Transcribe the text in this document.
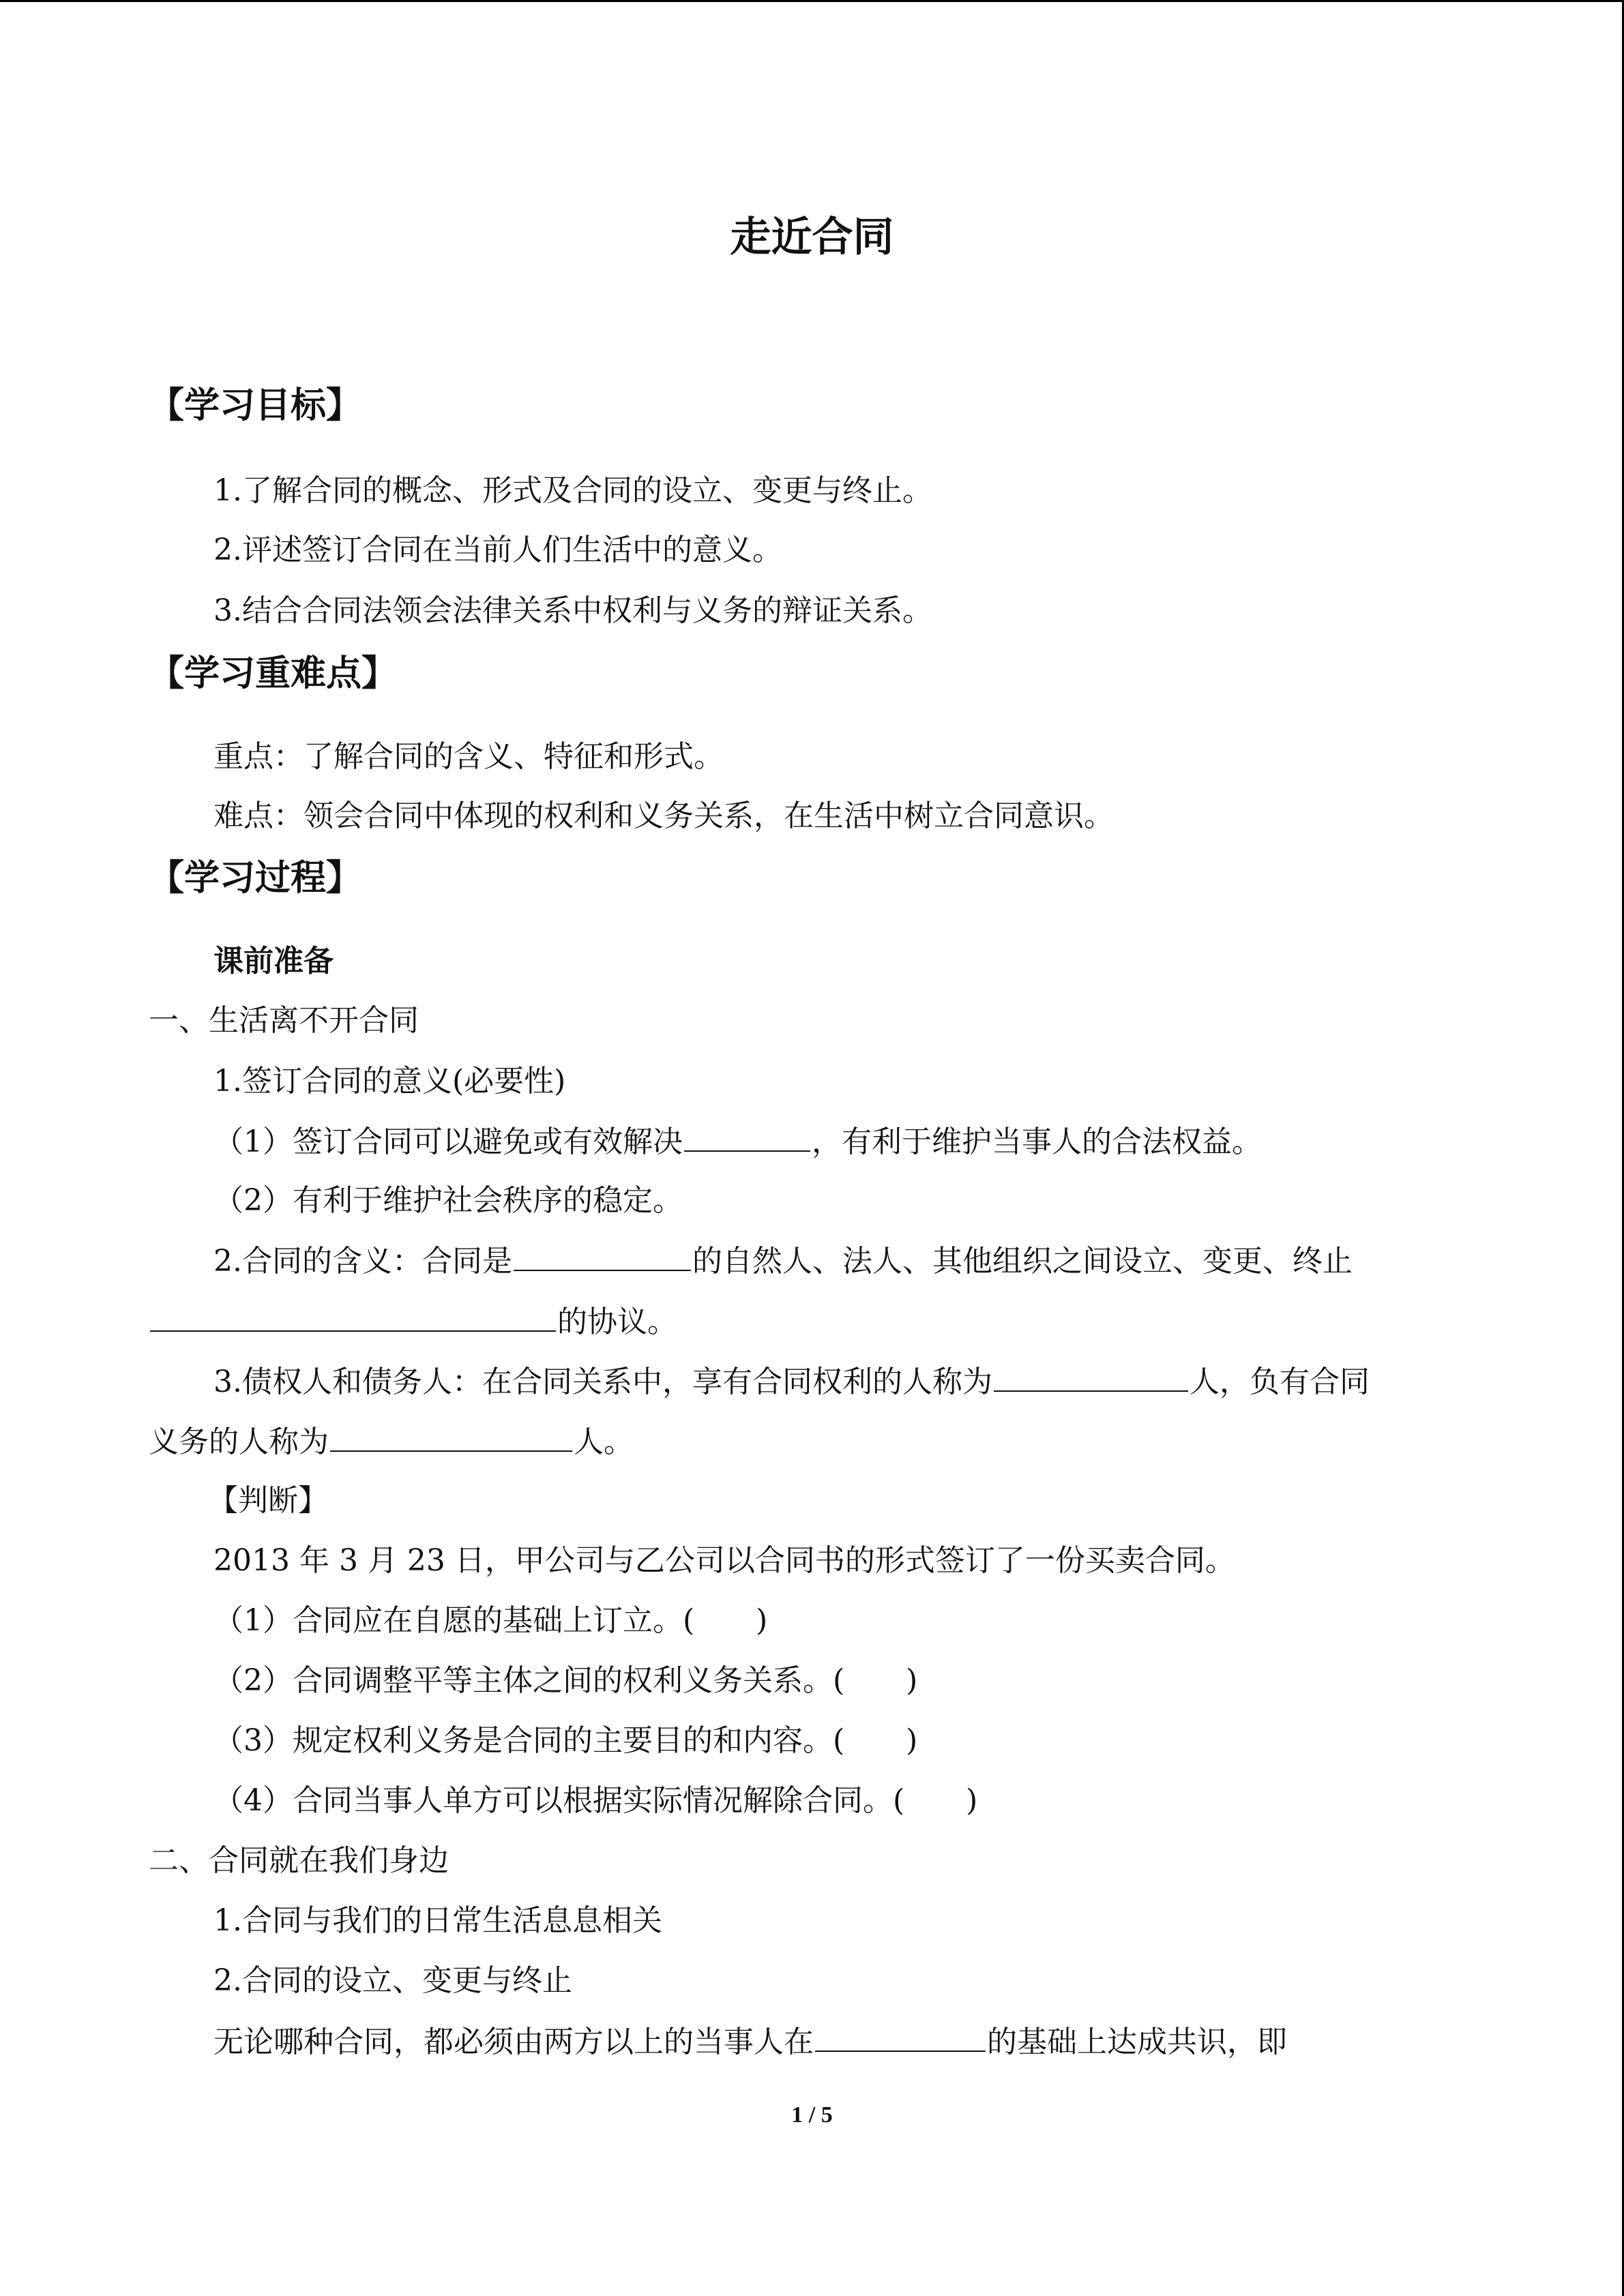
走近合同
【学习目标】
1.了解合同的概念、形式及合同的设立、变更与终止。
2.评述签订合同在当前人们生活中的意义。
3.结合合同法领会法律关系中权利与义务的辩证关系。
【学习重难点】
重点：了解合同的含义、特征和形式。
难点：领会合同中体现的权利和义务关系，在生活中树立合同意识。
【学习过程】
课前准备
一、生活离不开合同
1.签订合同的意义(必要性)
（1）签订合同可以避免或有效解决	，有利于维护当事人的合法权益。
（2）有利于维护社会秩序的稳定。
2.合同的含义：合同是	的自然人、法人、其他组织之间设立、变更、终止
的协议。
3.债权人和债务人：在合同关系中，享有合同权利的人称为	人，负有合同
义务的人称为	人。
【判断】
2013 年 3 月 23 日，甲公司与乙公司以合同书的形式签订了一份买卖合同。
（1）合同应在自愿的基础上订立。( )
（2）合同调整平等主体之间的权利义务关系。( )
（3）规定权利义务是合同的主要目的和内容。( )
（4）合同当事人单方可以根据实际情况解除合同。( )
二、合同就在我们身边
1.合同与我们的日常生活息息相关
2.合同的设立、变更与终止
无论哪种合同，都必须由两方以上的当事人在	的基础上达成共识，即
1 / 5
